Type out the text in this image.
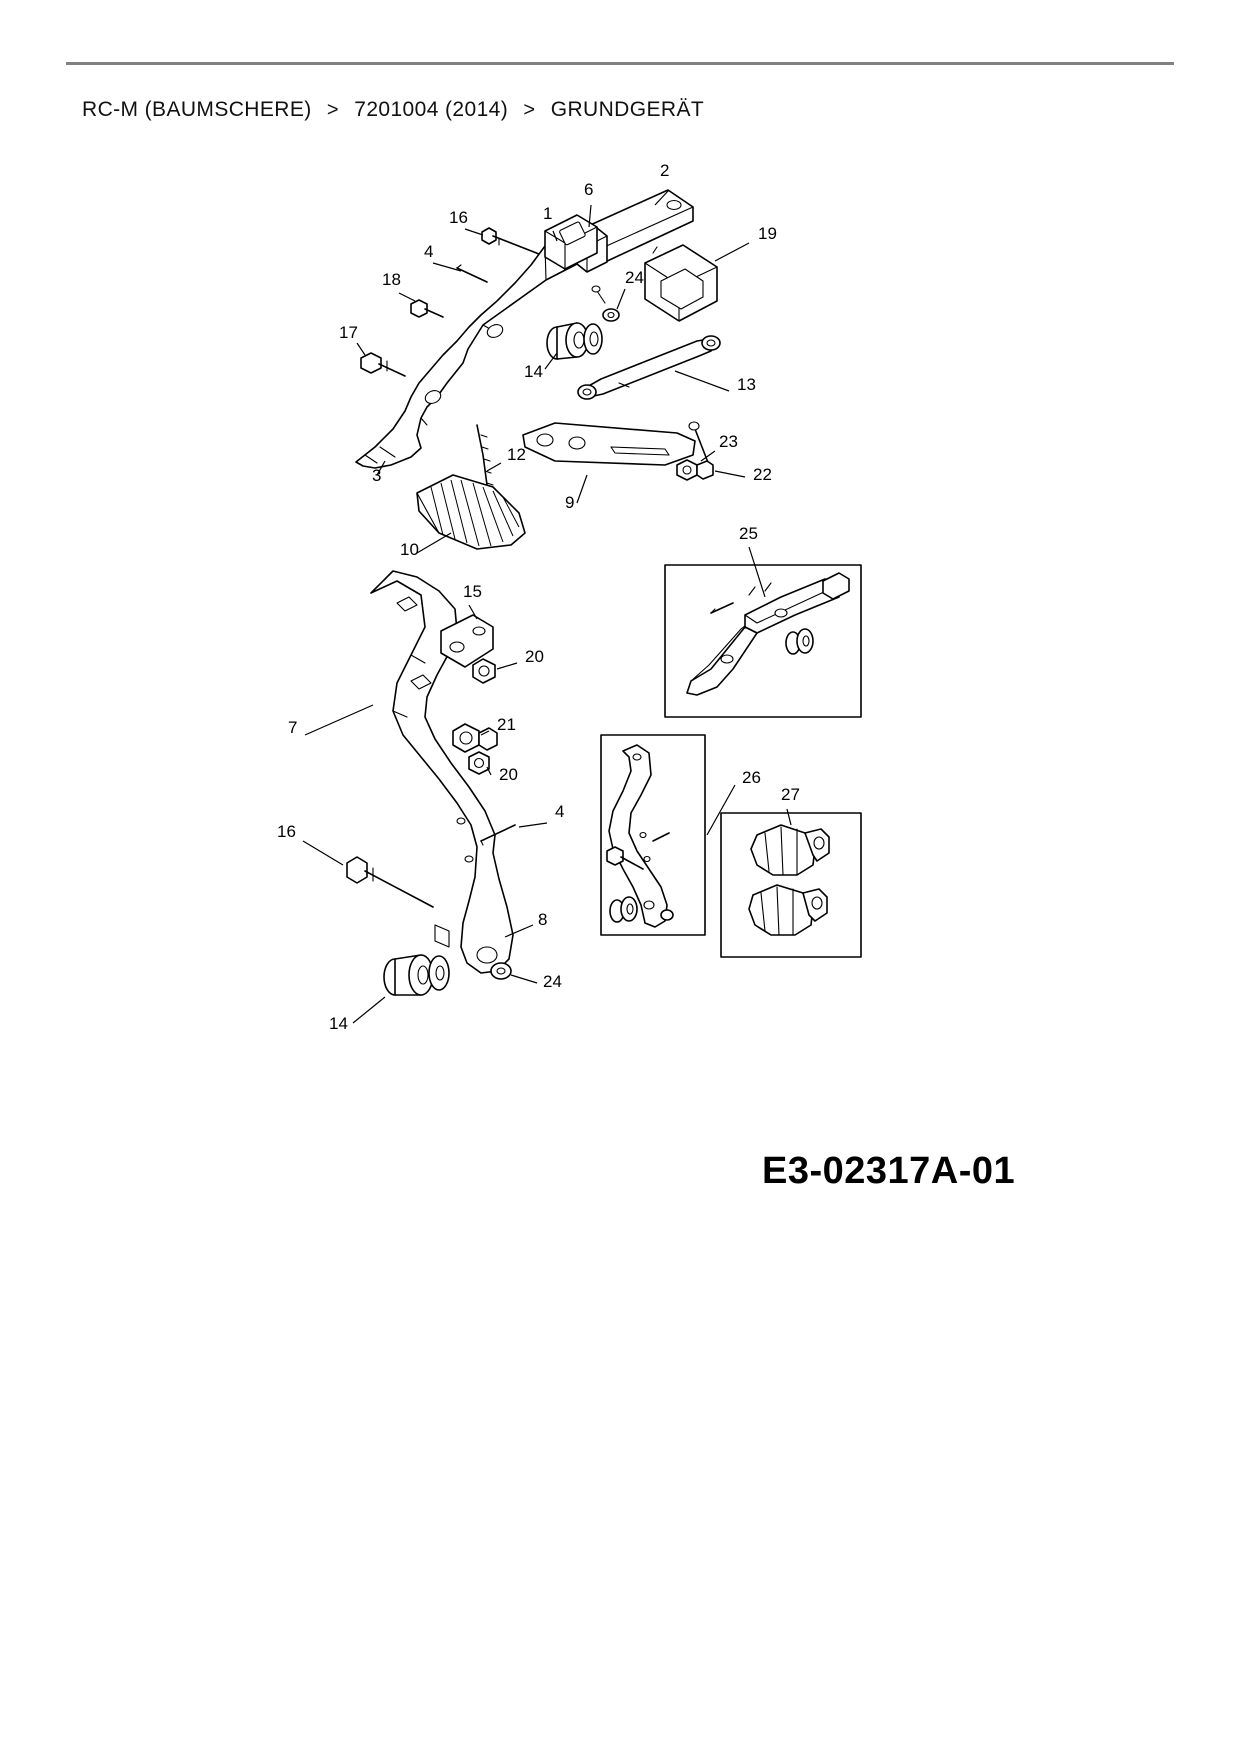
RC-M (BAUMSCHERE) > 7201004 (2014) > GRUNDGERÄT
1
2
3
4
6
7
8
9
10
12
13
14
15
16
17
18
19
20
21
20
22
23
24
25
26
27
16
4
14
24
E3-02317A-01
